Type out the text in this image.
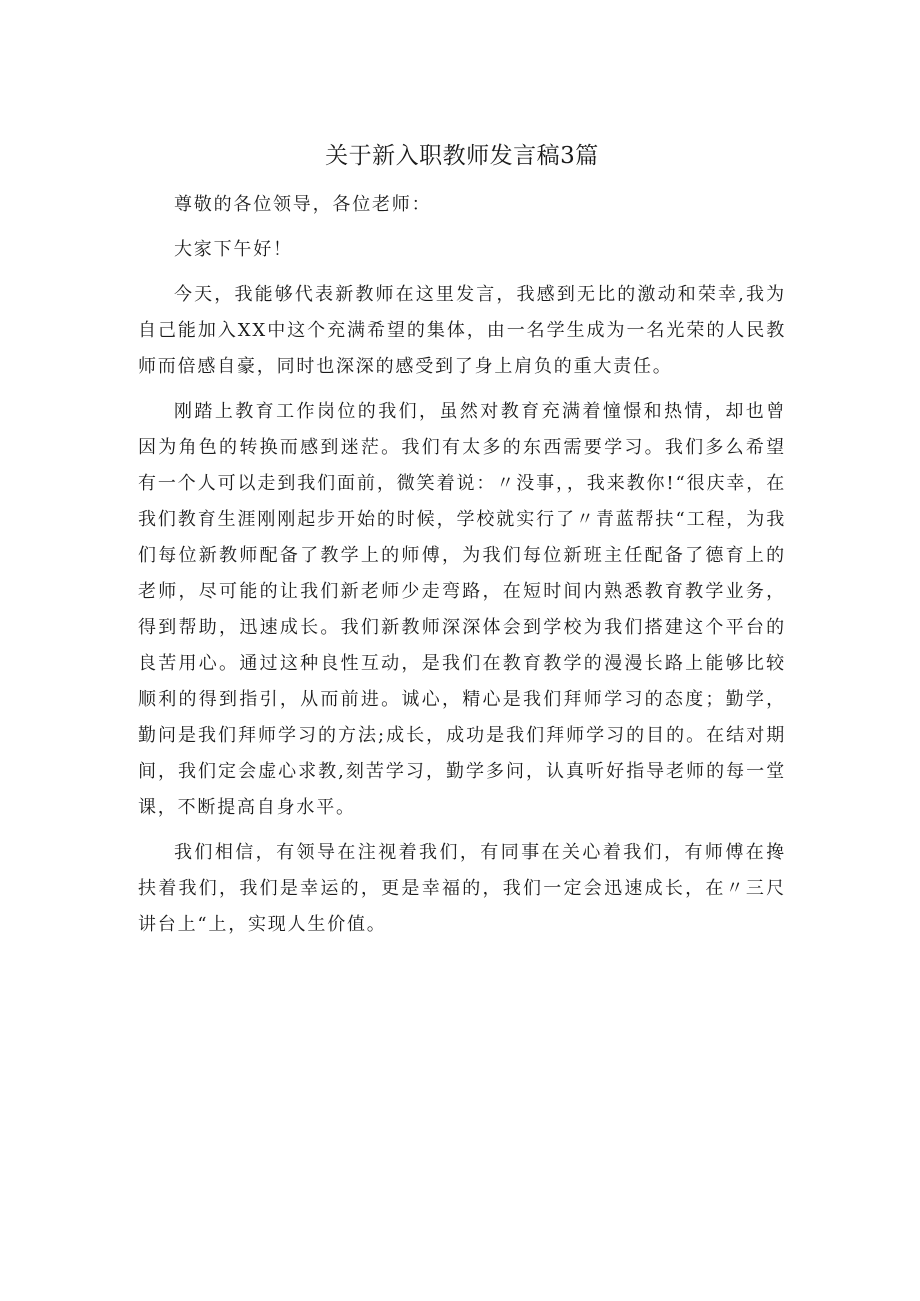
关于新入职教师发言稿3篇

尊敬的各位领导，各位老师：

大家下午好！

今天，我能够代表新教师在这里发言，我感到无比的激动和荣幸,我为自己能加入XX中这个充满希望的集体，由一名学生成为一名光荣的人民教师而倍感自豪，同时也深深的感受到了身上肩负的重大责任。

刚踏上教育工作岗位的我们，虽然对教育充满着憧憬和热情，却也曾因为角色的转换而感到迷茫。我们有太多的东西需要学习。我们多么希望有一个人可以走到我们面前，微笑着说：〃没事，，我来教你!“很庆幸，在我们教育生涯刚刚起步开始的时候，学校就实行了〃青蓝帮扶“工程，为我们每位新教师配备了教学上的师傅，为我们每位新班主任配备了德育上的老师，尽可能的让我们新老师少走弯路，在短时间内熟悉教育教学业务，得到帮助，迅速成长。我们新教师深深体会到学校为我们搭建这个平台的良苦用心。通过这种良性互动，是我们在教育教学的漫漫长路上能够比较顺利的得到指引，从而前进。诚心，精心是我们拜师学习的态度；勤学，勤问是我们拜师学习的方法;成长，成功是我们拜师学习的目的。在结对期间，我们定会虚心求教,刻苦学习，勤学多问，认真听好指导老师的每一堂课，不断提高自身水平。

我们相信，有领导在注视着我们，有同事在关心着我们，有师傅在搀扶着我们，我们是幸运的，更是幸福的，我们一定会迅速成长，在〃三尺讲台上“上，实现人生价值。
